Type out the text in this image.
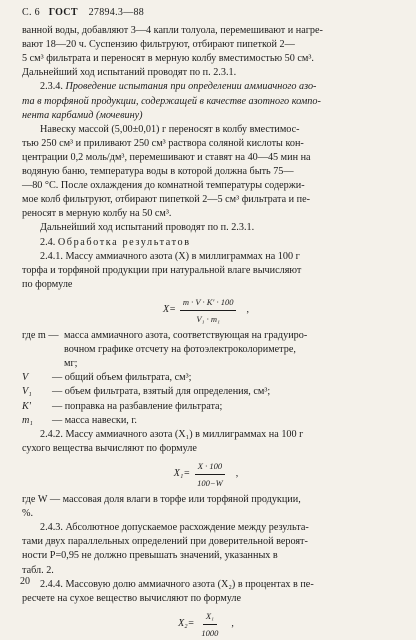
С. 6 ГОСТ 27894.3—88

ванной воды, добавляют 3—4 капли толуола, перемешивают и нагре-

вают 18—20 ч. Суспензию фильтруют, отбирают пипеткой 2—

5 см³ фильтрата и переносят в мерную колбу вместимостью 50 см³.

Дальнейший ход испытаний проводят по п. 2.3.1.

2.3.4. Проведение испытания при определении аммиачного азо-

та в торфяной продукции, содержащей в качестве азотного компо-

нента карбамид (мочевину)

Навеску массой (5,00±0,01) г переносят в колбу вместимос-

тью 250 см³ и приливают 250 см³ раствора соляной кислоты кон-

центрации 0,2 моль/дм³, перемешивают и ставят на 40—45 мин на

водяную баню, температура воды в которой должна быть 75—

—80 °С. После охлаждения до комнатной температуры содержи-

мое колб фильтруют, отбирают пипеткой 2—5 см³ фильтрата и пе-

реносят в мерную колбу на 50 см³.

Дальнейший ход испытаний проводят по п. 2.3.1.

2.4. Обработка результатов

2.4.1. Массу аммиачного азота (X) в миллиграммах на 100 г

торфа и торфяной продукции при натуральной влаге вычисляют

по формуле

$X= \frac{m \cdot V \cdot K' \cdot 100}{\text{V₁ · m₁}}$ ,
где m — масса аммиачного азота, соответствующая на градуиро-

вочном графике отсчету на фотоэлектроколориметре,

мг;

V	— общий объем фильтрата, см³;
V₁	— объем фильтрата, взятый для определения, см³;
K′	— поправка на разбавление фильтрата;
m₁	— масса навески, г.

2.4.2. Массу аммиачного азота (X₁) в миллиграммах на 100 г

сухого вещества вычисляют по формуле

$X_1= \frac{X \cdot 100}{100-W}$ ,

где W — массовая доля влаги в торфе или торфяной продукции,

%.

2.4.3. Абсолютное допускаемое расхождение между результа-

тами двух параллельных определений при доверительной вероят-

ности P=0,95 не должно превышать значений, указанных в

табл. 2.

2.4.4. Массовую долю аммиачного азота (X₂) в процентах в пе-

ресчете на сухое вещество вычисляют по формуле

$X_2= \frac{\text{X₁}}{1000}$ ,
20
